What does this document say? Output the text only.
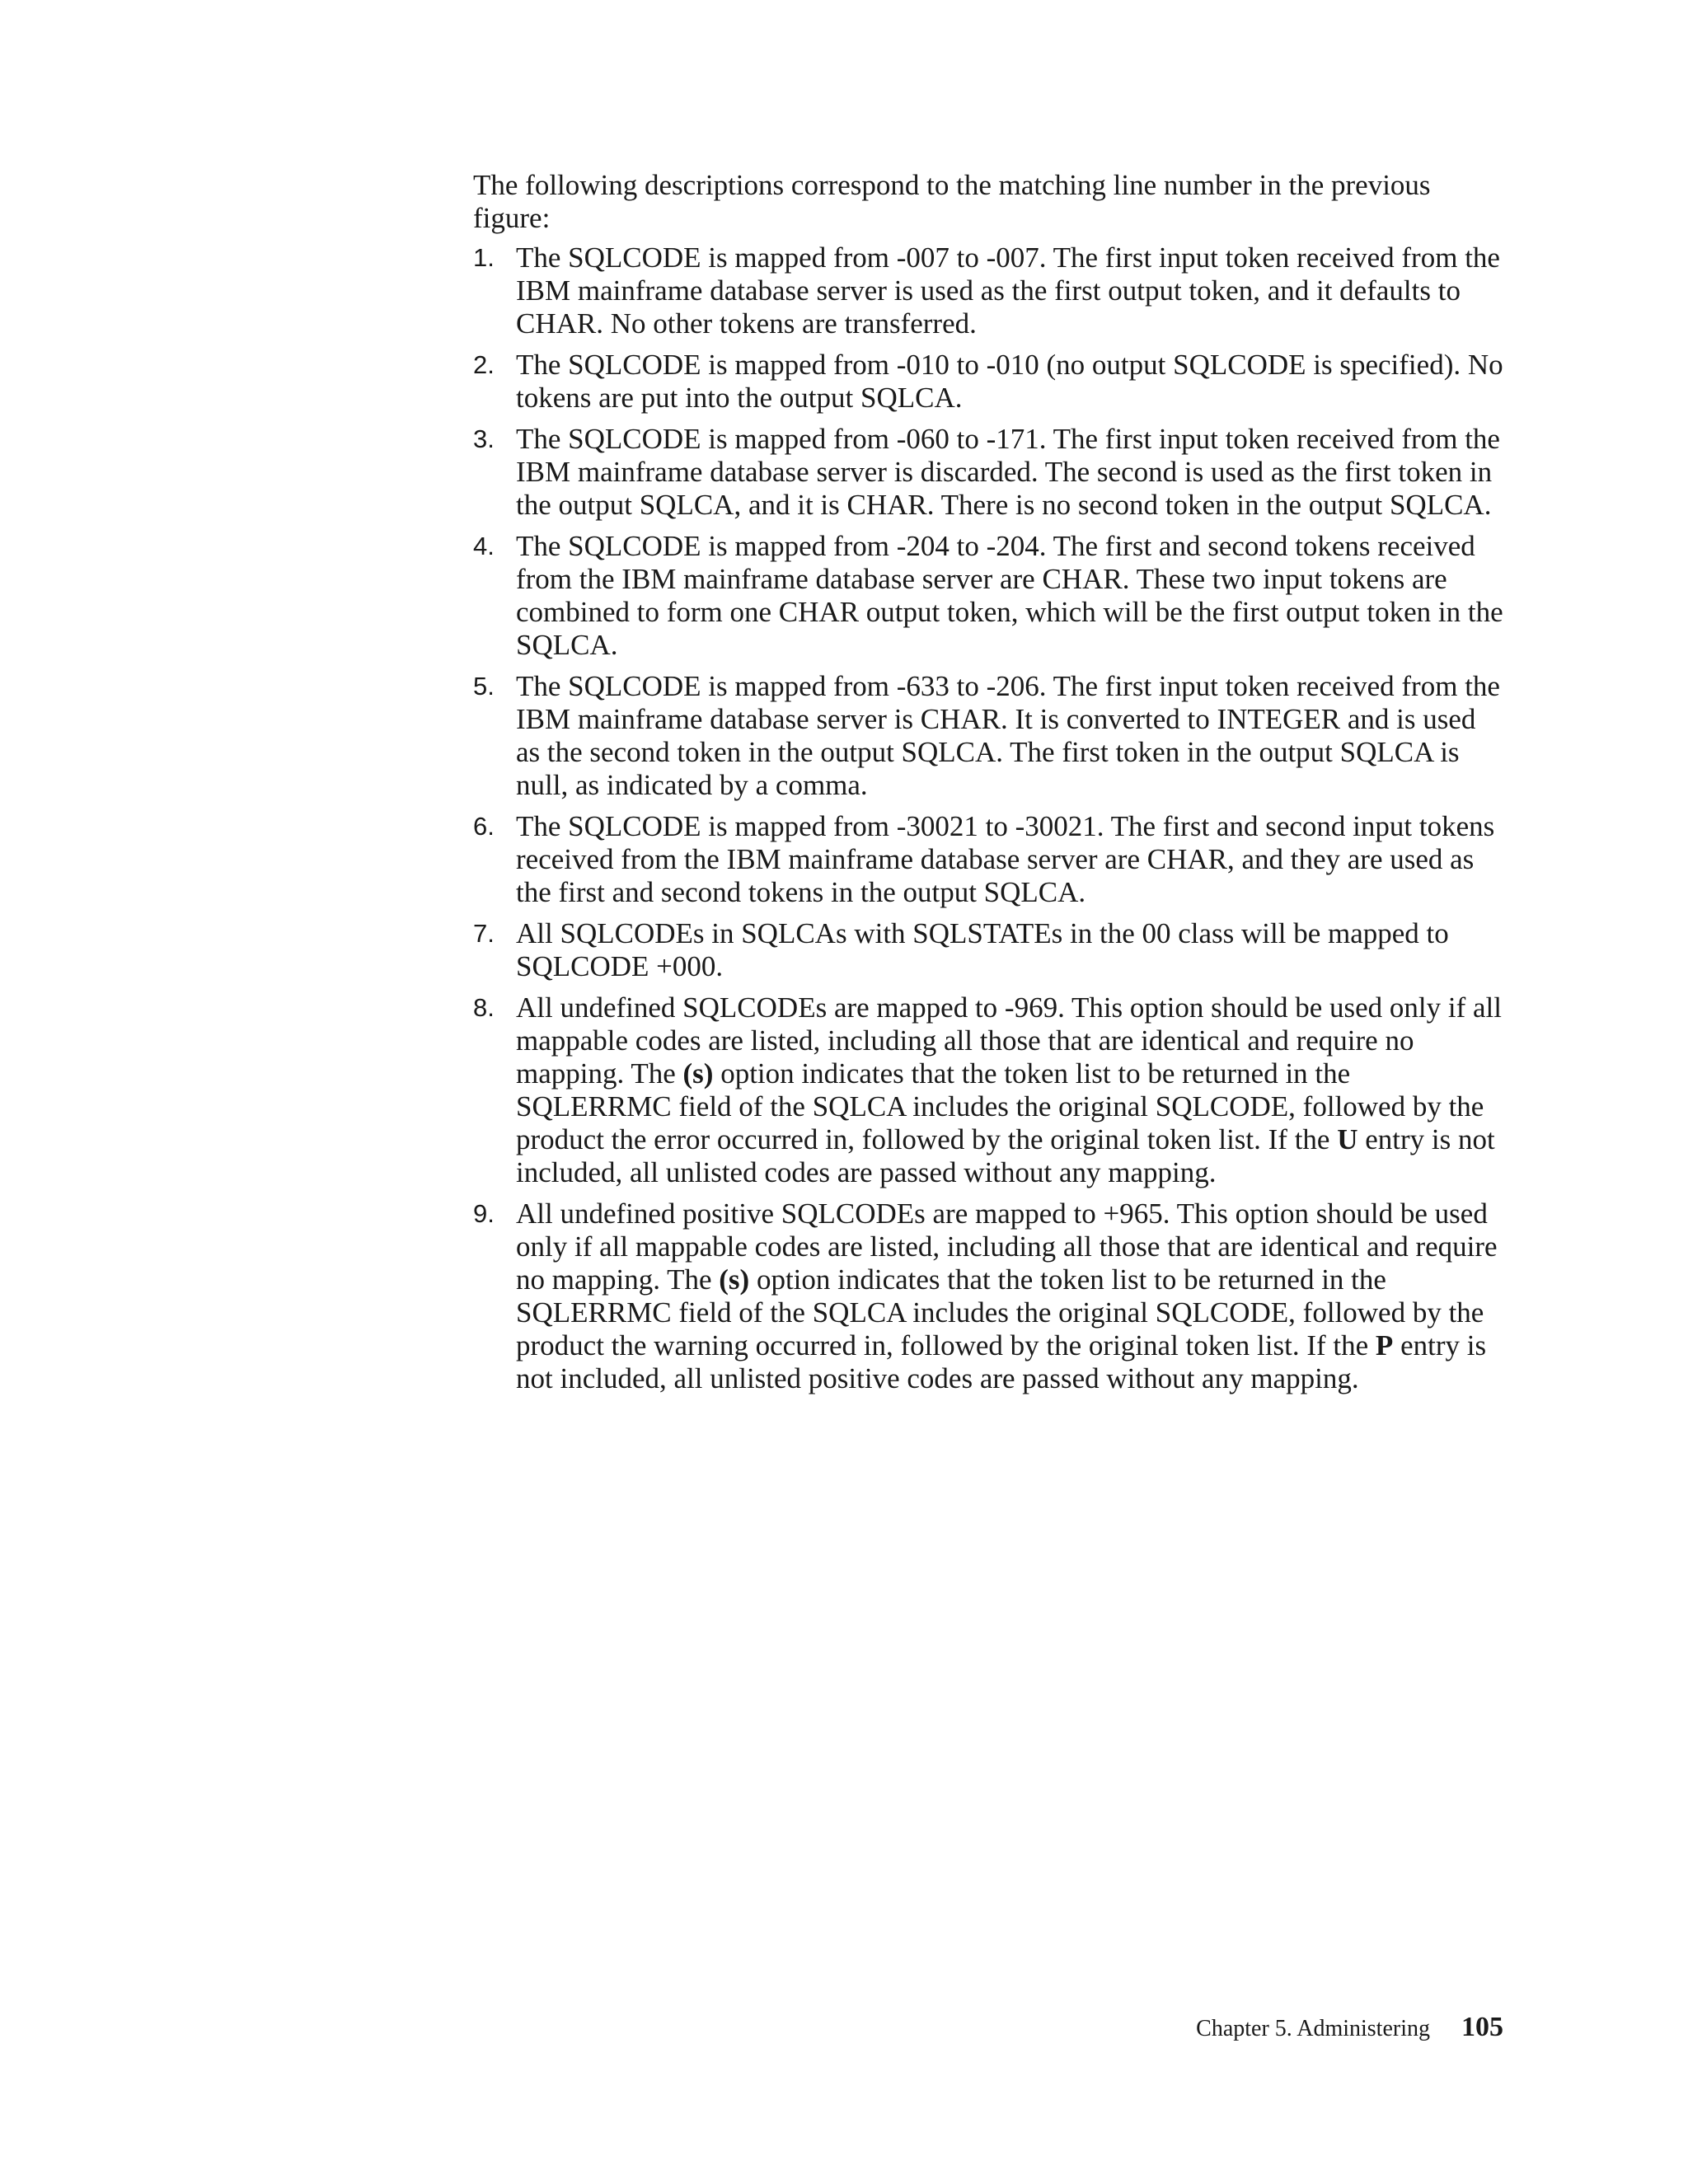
The following descriptions correspond to the matching line number in the previous figure:

1. The SQLCODE is mapped from -007 to -007. The first input token received from the IBM mainframe database server is used as the first output token, and it defaults to CHAR. No other tokens are transferred.
2. The SQLCODE is mapped from -010 to -010 (no output SQLCODE is specified). No tokens are put into the output SQLCA.
3. The SQLCODE is mapped from -060 to -171. The first input token received from the IBM mainframe database server is discarded. The second is used as the first token in the output SQLCA, and it is CHAR. There is no second token in the output SQLCA.
4. The SQLCODE is mapped from -204 to -204. The first and second tokens received from the IBM mainframe database server are CHAR. These two input tokens are combined to form one CHAR output token, which will be the first output token in the SQLCA.
5. The SQLCODE is mapped from -633 to -206. The first input token received from the IBM mainframe database server is CHAR. It is converted to INTEGER and is used as the second token in the output SQLCA. The first token in the output SQLCA is null, as indicated by a comma.
6. The SQLCODE is mapped from -30021 to -30021. The first and second input tokens received from the IBM mainframe database server are CHAR, and they are used as the first and second tokens in the output SQLCA.
7. All SQLCODEs in SQLCAs with SQLSTATEs in the 00 class will be mapped to SQLCODE +000.
8. All undefined SQLCODEs are mapped to -969. This option should be used only if all mappable codes are listed, including all those that are identical and require no mapping. The (s) option indicates that the token list to be returned in the SQLERRMC field of the SQLCA includes the original SQLCODE, followed by the product the error occurred in, followed by the original token list. If the U entry is not included, all unlisted codes are passed without any mapping.
9. All undefined positive SQLCODEs are mapped to +965. This option should be used only if all mappable codes are listed, including all those that are identical and require no mapping. The (s) option indicates that the token list to be returned in the SQLERRMC field of the SQLCA includes the original SQLCODE, followed by the product the warning occurred in, followed by the original token list. If the P entry is not included, all unlisted positive codes are passed without any mapping.
Chapter 5. Administering 105
